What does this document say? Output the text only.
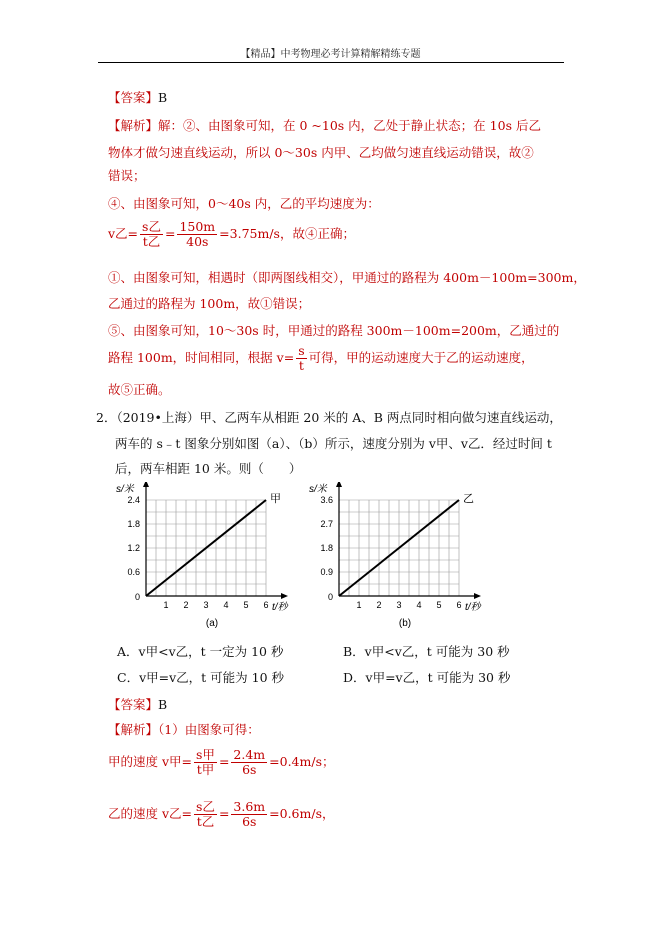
【精品】中考物理必考计算精解精练专题
【答案】B
【解析】解：②、由图象可知，在 0 ~10s 内，乙处于静止状态；在 10s 后乙
物体才做匀速直线运动，所以 0～30s 内甲、乙均做匀速直线运动错误，故②
错误；
④、由图象可知，0～40s 内，乙的平均速度为：
v乙= $\frac{\text{s乙}}{\text{t乙}} = \frac{150m}{40s} =3.75m/s$，故④正确；
①、由图象可知，相遇时（即两图线相交），甲通过的路程为 400m－100m=300m，
乙通过的路程为 100m，故①错误；
⑤、由图象可知，10～30s 时，甲通过的路程 300m－100m=200m，乙通过的
路程 100m，时间相同，根据 $v= \frac{s}{t}$ 可得，甲的运动速度大于乙的运动速度，
故⑤正确。
2．（2019•上海）甲、乙两车从相距 20 米的 A、B 两点同时相向做匀速直线运动，
两车的 s﹣t 图象分别如图（a）、（b）所示，速度分别为 v甲、v乙．经过时间 t
后，两车相距 10 米。则（　　）
s/米
t/秒
1 2 3 4 5 6
0
0.6
1.2
1.8
2.4	甲
(a)
s/米
t/秒
1 2 3 4 5 6
0
0.9
1.8
2.7
3.6	乙
(b)
A．v甲<v乙，t 一定为 10 秒	B．v甲<v乙，t 可能为 30 秒
C．v甲=v乙，t 可能为 10 秒	D．v甲=v乙，t 可能为 30 秒
【答案】B
【解析】（1）由图象可得：
甲的速度 v甲= $\frac{\text{s甲}}{\text{t甲}} = \frac{2.4m}{6s} =0.4m/s$；
乙的速度 v乙= $\frac{\text{s乙}}{\text{t乙}} = \frac{3.6m}{6s} =0.6m/s$，
